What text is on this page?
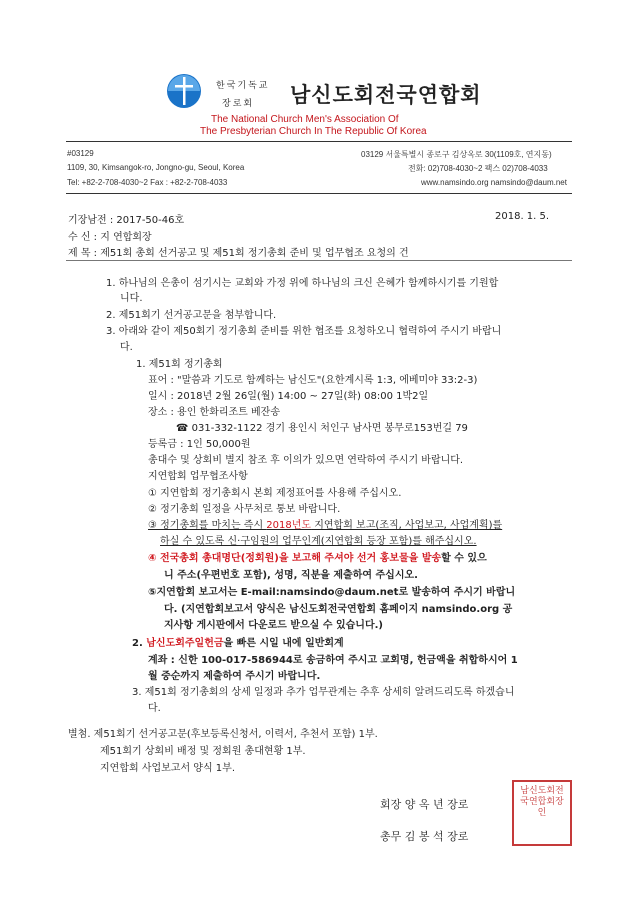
한국기독교
장로회 남신도회전국연합회
The National Church Men's Association Of
The Presbyterian Church In The Republic Of Korea
#03129
1109, 30, Kimsangok-ro, Jongno-gu, Seoul, Korea
Tel: +82-2-708-4030~2 Fax : +82-2-708-4033
03129 서울특별시 종로구 김상옥로 30(1109호, 연지동)
전화: 02)708-4030~2 팩스 02)708-4033
www.namsindo.org namsindo@daum.net
기장남전 : 2017-50-46호	2018. 1. 5.
수 신 : 지 연합회장
제 목 : 제51회 총회 선거공고 및 제51회 정기총회 준비 및 업무협조 요청의 건
1. 하나님의 은총이 섬기시는 교회와 가정 위에 하나님의 크신 은혜가 함께하시기를 기원합
니다.
2. 제51회기 선거공고문을 첨부합니다.
3. 아래와 같이 제50회기 정기총회 준비를 위한 협조를 요청하오니 협력하여 주시기 바랍니
다.
1. 제51회 정기총회
표어 : "말씀과 기도로 함께하는 남신도"(요한계시록 1:3, 에베미야 33:2-3)
일시 : 2018년 2월 26일(월) 14:00 ~ 27일(화) 08:00 1박2일
장소 : 용인 한화리조트 베잔송
☎ 031-332-1122 경기 용인시 처인구 남사면 봉무로153번길 79
등록금 : 1인 50,000원
총대수 및 상회비 별지 참조 후 이의가 있으면 연락하여 주시기 바랍니다.
지연합회 업무협조사항
① 지연합회 정기총회시 본회 제정표어를 사용해 주십시오.
② 정기총회 일정을 사무처로 통보 바랍니다.
③ 정기총회를 마치는 즉시 2018년도 지연합회 보고(조직, 사업보고, 사업계획)를
하실 수 있도록 신·구임원의 업무인계(지연합회 등장 포함)를 해주십시오.
④ 전국총회 총대명단(정회원)을 보고해 주셔야 선거 홍보물을 발송할 수 있으
니 주소(우편번호 포함), 성명, 직분을 제출하여 주십시오.
⑤지연합회 보고서는 E-mail:namsindo@daum.net로 발송하여 주시기 바랍니
다. (지연합회보고서 양식은 남신도회전국연합회 홈페이지 namsindo.org 공
지사항 게시판에서 다운로드 받으실 수 있습니다.)
2. 남신도회주일헌금을 빠른 시일 내에 일반회계
계좌 : 신한 100-017-586944로 송금하여 주시고 교회명, 헌금액을 취합하시어 1
월 중순까지 제출하여 주시기 바랍니다.
3. 제51회 정기총회의 상세 일정과 추가 업무관계는 추후 상세히 알려드리도록 하겠습니
다.
별첨. 제51회기 선거공고문(후보등록신청서, 이력서, 추천서 포함) 1부.
제51회기 상회비 배정 및 정회원 총대현황 1부.
지연합회 사업보고서 양식 1부.
회장 양 옥 년 장로
총무 김 봉 석 장로
남신도회전국연합회장인
